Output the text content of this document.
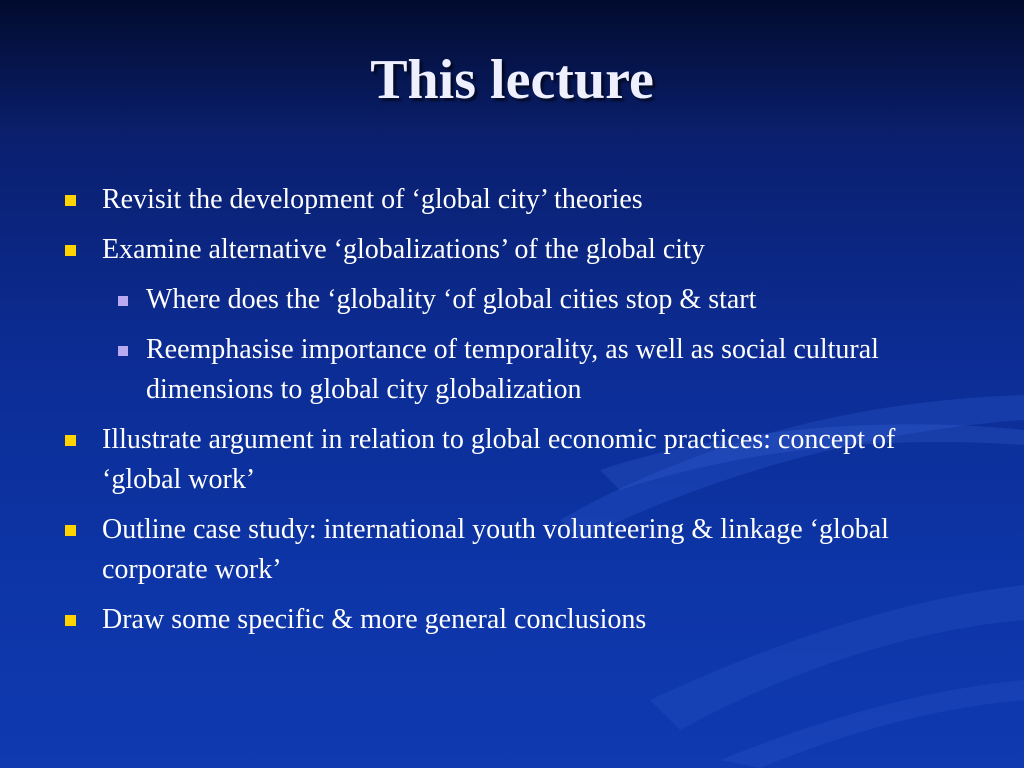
This lecture
Revisit the development of ‘global city’ theories
Examine alternative ‘globalizations’ of the global city
Where does the ‘globality ‘of global cities stop & start
Reemphasise importance of temporality, as well as social cultural dimensions to global city globalization
Illustrate argument in relation to global economic practices: concept of ‘global work’
Outline case study: international youth volunteering & linkage ‘global corporate work’
Draw some specific & more general conclusions
